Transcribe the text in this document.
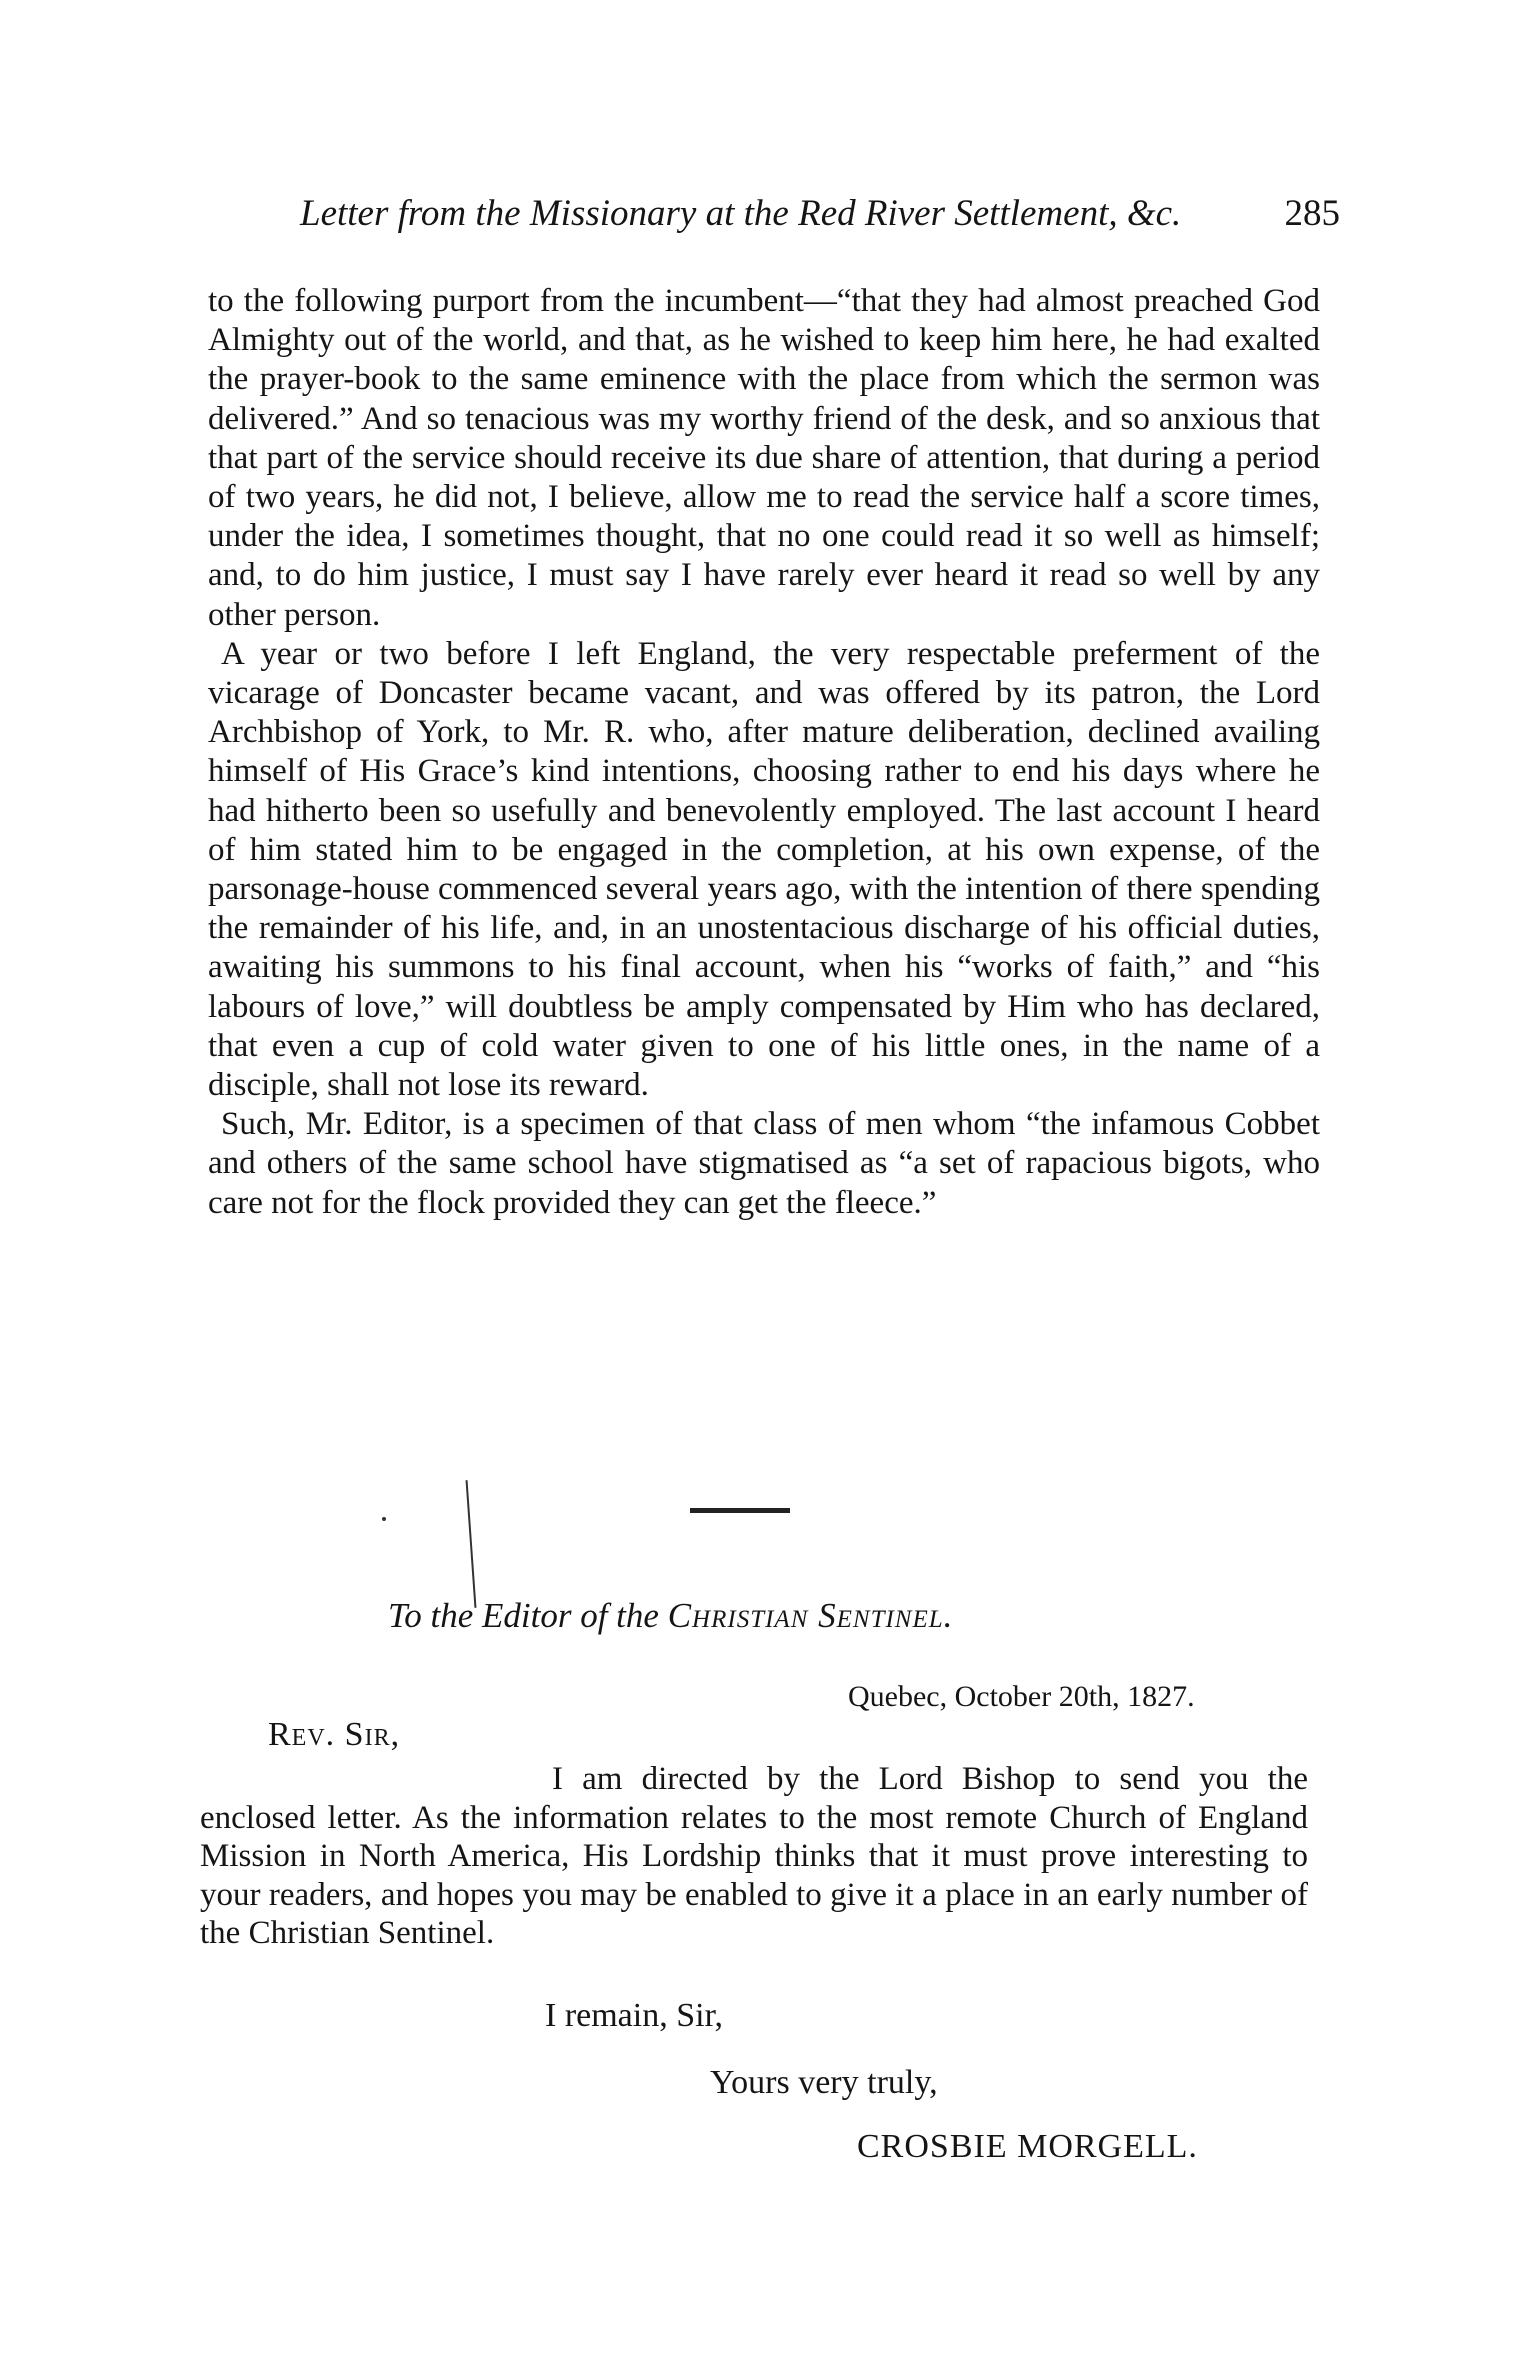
Letter from the Missionary at the Red River Settlement, &c.	285

to the following purport from the incumbent—“that they had almost preached God Almighty out of the world, and that, as he wished to keep him here, he had exalted the prayer-book to the same eminence with the place from which the sermon was delivered.” And so tenacious was my worthy friend of the desk, and so anxious that that part of the service should receive its due share of attention, that during a period of two years, he did not, I believe, allow me to read the service half a score times, under the idea, I sometimes thought, that no one could read it so well as himself; and, to do him justice, I must say I have rarely ever heard it read so well by any other person.

A year or two before I left England, the very respectable preferment of the vicarage of Doncaster became vacant, and was offered by its patron, the Lord Archbishop of York, to Mr. R. who, after mature deliberation, declined availing himself of His Grace’s kind intentions, choosing rather to end his days where he had hitherto been so usefully and benevolently employed. The last account I heard of him stated him to be engaged in the completion, at his own expense, of the parsonage-house commenced several years ago, with the intention of there spending the remainder of his life, and, in an unostentacious discharge of his official duties, awaiting his summons to his final account, when his “works of faith,” and “his labours of love,” will doubtless be amply compensated by Him who has declared, that even a cup of cold water given to one of his little ones, in the name of a disciple, shall not lose its reward.

Such, Mr. Editor, is a specimen of that class of men whom “the infamous Cobbet and others of the same school have stigmatised as “a set of rapacious bigots, who care not for the flock provided they can get the fleece.”

To the Editor of the Christian Sentinel.
Quebec, October 20th, 1827.
Rev. Sir,

I am directed by the Lord Bishop to send you the enclosed letter. As the information relates to the most remote Church of England Mission in North America, His Lordship thinks that it must prove interesting to your readers, and hopes you may be enabled to give it a place in an early number of the Christian Sentinel.

I remain, Sir,
Yours very truly,
CROSBIE MORGELL.
